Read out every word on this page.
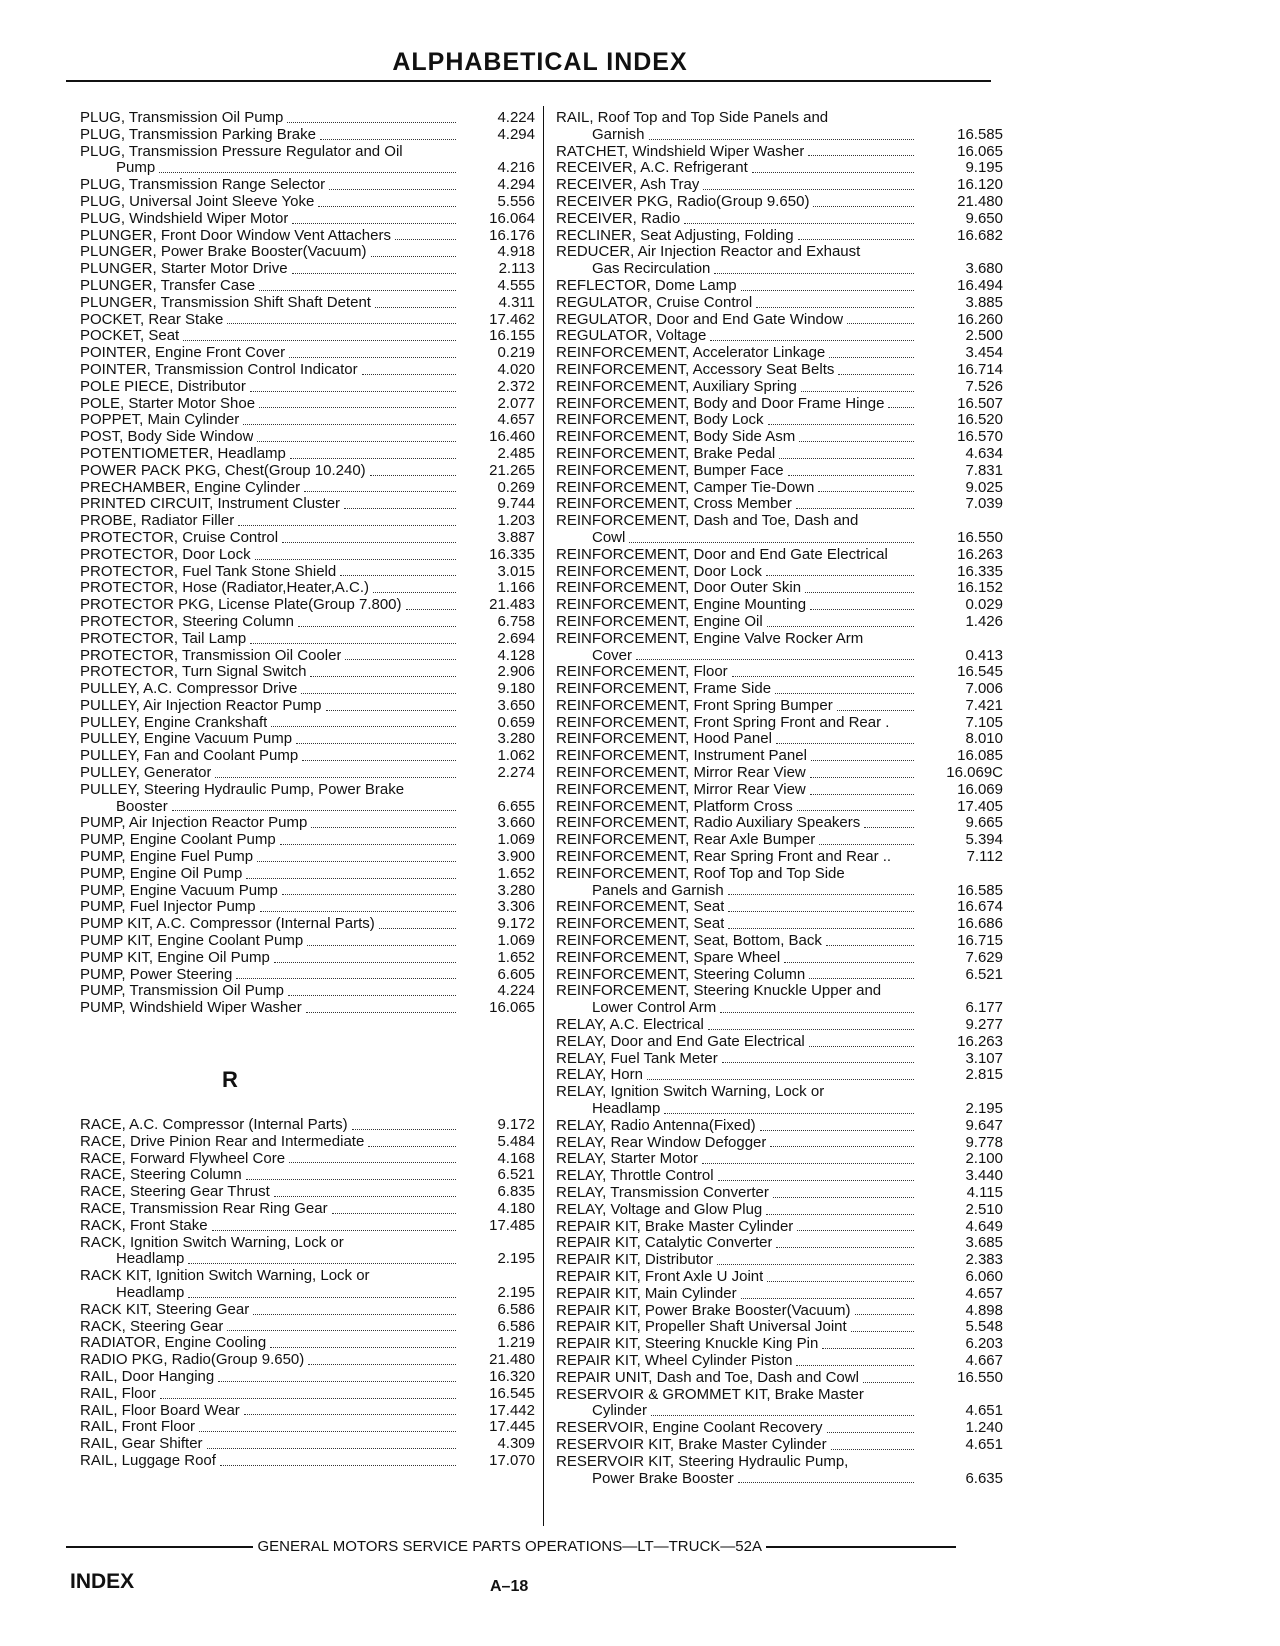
ALPHABETICAL INDEX
PLUG, Transmission Oil Pump	4.224
PLUG, Transmission Parking Brake	4.294
PLUG, Transmission Pressure Regulator and Oil
Pump	4.216
PLUG, Transmission Range Selector	4.294
PLUG, Universal Joint Sleeve Yoke	5.556
PLUG, Windshield Wiper Motor	16.064
PLUNGER, Front Door Window Vent Attachers	16.176
PLUNGER, Power Brake Booster(Vacuum)	4.918
PLUNGER, Starter Motor Drive	2.113
PLUNGER, Transfer Case	4.555
PLUNGER, Transmission Shift Shaft Detent	4.311
POCKET, Rear Stake	17.462
POCKET, Seat	16.155
POINTER, Engine Front Cover	0.219
POINTER, Transmission Control Indicator	4.020
POLE PIECE, Distributor	2.372
POLE, Starter Motor Shoe	2.077
POPPET, Main Cylinder	4.657
POST, Body Side Window	16.460
POTENTIOMETER, Headlamp	2.485
POWER PACK PKG, Chest(Group 10.240)	21.265
PRECHAMBER, Engine Cylinder	0.269
PRINTED CIRCUIT, Instrument Cluster	9.744
PROBE, Radiator Filler	1.203
PROTECTOR, Cruise Control	3.887
PROTECTOR, Door Lock	16.335
PROTECTOR, Fuel Tank Stone Shield	3.015
PROTECTOR, Hose (Radiator,Heater,A.C.)	1.166
PROTECTOR PKG, License Plate(Group 7.800)	21.483
PROTECTOR, Steering Column	6.758
PROTECTOR, Tail Lamp	2.694
PROTECTOR, Transmission Oil Cooler	4.128
PROTECTOR, Turn Signal Switch	2.906
PULLEY, A.C. Compressor Drive	9.180
PULLEY, Air Injection Reactor Pump	3.650
PULLEY, Engine Crankshaft	0.659
PULLEY, Engine Vacuum Pump	3.280
PULLEY, Fan and Coolant Pump	1.062
PULLEY, Generator	2.274
PULLEY, Steering Hydraulic Pump, Power Brake
Booster	6.655
PUMP, Air Injection Reactor Pump	3.660
PUMP, Engine Coolant Pump	1.069
PUMP, Engine Fuel Pump	3.900
PUMP, Engine Oil Pump	1.652
PUMP, Engine Vacuum Pump	3.280
PUMP, Fuel Injector Pump	3.306
PUMP KIT, A.C. Compressor (Internal Parts)	9.172
PUMP KIT, Engine Coolant Pump	1.069
PUMP KIT, Engine Oil Pump	1.652
PUMP, Power Steering	6.605
PUMP, Transmission Oil Pump	4.224
PUMP, Windshield Wiper Washer	16.065
R
RACE, A.C. Compressor (Internal Parts)	9.172
RACE, Drive Pinion Rear and Intermediate	5.484
RACE, Forward Flywheel Core	4.168
RACE, Steering Column	6.521
RACE, Steering Gear Thrust	6.835
RACE, Transmission Rear Ring Gear	4.180
RACK, Front Stake	17.485
RACK, Ignition Switch Warning, Lock or
Headlamp	2.195
RACK KIT, Ignition Switch Warning, Lock or
Headlamp	2.195
RACK KIT, Steering Gear	6.586
RACK, Steering Gear	6.586
RADIATOR, Engine Cooling	1.219
RADIO PKG, Radio(Group 9.650)	21.480
RAIL, Door Hanging	16.320
RAIL, Floor	16.545
RAIL, Floor Board Wear	17.442
RAIL, Front Floor	17.445
RAIL, Gear Shifter	4.309
RAIL, Luggage Roof	17.070
RAIL, Roof Top and Top Side Panels and
Garnish	16.585
RATCHET, Windshield Wiper Washer	16.065
RECEIVER, A.C. Refrigerant	9.195
RECEIVER, Ash Tray	16.120
RECEIVER PKG, Radio(Group 9.650)	21.480
RECEIVER, Radio	9.650
RECLINER, Seat Adjusting, Folding	16.682
REDUCER, Air Injection Reactor and Exhaust
Gas Recirculation	3.680
REFLECTOR, Dome Lamp	16.494
REGULATOR, Cruise Control	3.885
REGULATOR, Door and End Gate Window	16.260
REGULATOR, Voltage	2.500
REINFORCEMENT, Accelerator Linkage	3.454
REINFORCEMENT, Accessory Seat Belts	16.714
REINFORCEMENT, Auxiliary Spring	7.526
REINFORCEMENT, Body and Door Frame Hinge	16.507
REINFORCEMENT, Body Lock	16.520
REINFORCEMENT, Body Side Asm	16.570
REINFORCEMENT, Brake Pedal	4.634
REINFORCEMENT, Bumper Face	7.831
REINFORCEMENT, Camper Tie-Down	9.025
REINFORCEMENT, Cross Member	7.039
REINFORCEMENT, Dash and Toe, Dash and
Cowl	16.550
REINFORCEMENT, Door and End Gate Electrical	16.263
REINFORCEMENT, Door Lock	16.335
REINFORCEMENT, Door Outer Skin	16.152
REINFORCEMENT, Engine Mounting	0.029
REINFORCEMENT, Engine Oil	1.426
REINFORCEMENT, Engine Valve Rocker Arm
Cover	0.413
REINFORCEMENT, Floor	16.545
REINFORCEMENT, Frame Side	7.006
REINFORCEMENT, Front Spring Bumper	7.421
REINFORCEMENT, Front Spring Front and Rear .	7.105
REINFORCEMENT, Hood Panel	8.010
REINFORCEMENT, Instrument Panel	16.085
REINFORCEMENT, Mirror Rear View	16.069C
REINFORCEMENT, Mirror Rear View	16.069
REINFORCEMENT, Platform Cross	17.405
REINFORCEMENT, Radio Auxiliary Speakers	9.665
REINFORCEMENT, Rear Axle Bumper	5.394
REINFORCEMENT, Rear Spring Front and Rear ..	7.112
REINFORCEMENT, Roof Top and Top Side
Panels and Garnish	16.585
REINFORCEMENT, Seat	16.674
REINFORCEMENT, Seat	16.686
REINFORCEMENT, Seat, Bottom, Back	16.715
REINFORCEMENT, Spare Wheel	7.629
REINFORCEMENT, Steering Column	6.521
REINFORCEMENT, Steering Knuckle Upper and
Lower Control Arm	6.177
RELAY, A.C. Electrical	9.277
RELAY, Door and End Gate Electrical	16.263
RELAY, Fuel Tank Meter	3.107
RELAY, Horn	2.815
RELAY, Ignition Switch Warning, Lock or
Headlamp	2.195
RELAY, Radio Antenna(Fixed)	9.647
RELAY, Rear Window Defogger	9.778
RELAY, Starter Motor	2.100
RELAY, Throttle Control	3.440
RELAY, Transmission Converter	4.115
RELAY, Voltage and Glow Plug	2.510
REPAIR KIT, Brake Master Cylinder	4.649
REPAIR KIT, Catalytic Converter	3.685
REPAIR KIT, Distributor	2.383
REPAIR KIT, Front Axle U Joint	6.060
REPAIR KIT, Main Cylinder	4.657
REPAIR KIT, Power Brake Booster(Vacuum)	4.898
REPAIR KIT, Propeller Shaft Universal Joint	5.548
REPAIR KIT, Steering Knuckle King Pin	6.203
REPAIR KIT, Wheel Cylinder Piston	4.667
REPAIR UNIT, Dash and Toe, Dash and Cowl	16.550
RESERVOIR & GROMMET KIT, Brake Master
Cylinder	4.651
RESERVOIR, Engine Coolant Recovery	1.240
RESERVOIR KIT, Brake Master Cylinder	4.651
RESERVOIR KIT, Steering Hydraulic Pump,
Power Brake Booster	6.635
GENERAL MOTORS SERVICE PARTS OPERATIONS—LT—TRUCK—52A
INDEX	A–18
